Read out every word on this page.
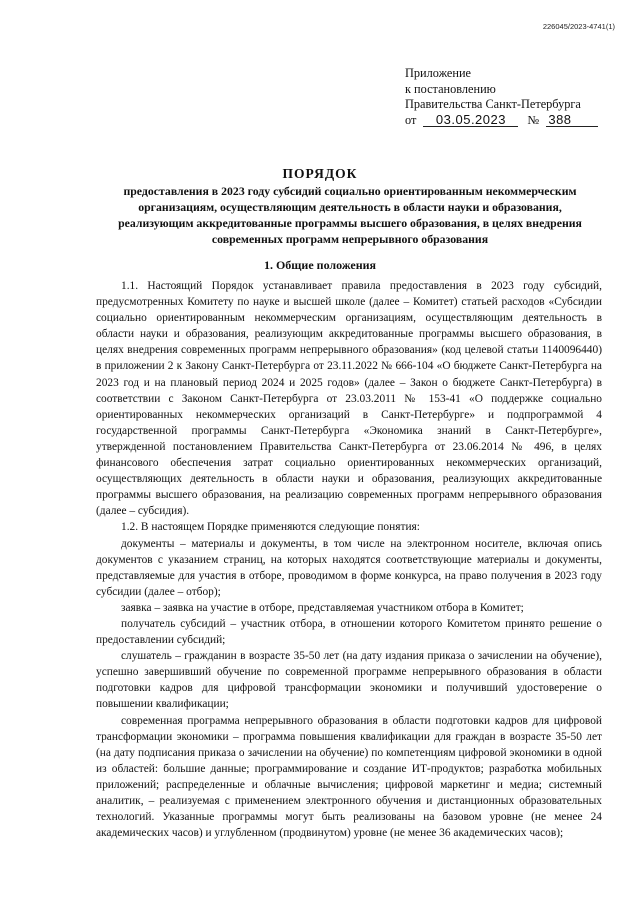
226045/2023-4741(1)
Приложение
к постановлению
Правительства Санкт-Петербурга
от 03.05.2023 № 388
ПОРЯДОК
предоставления в 2023 году субсидий социально ориентированным некоммерческим организациям, осуществляющим деятельность в области науки и образования, реализующим аккредитованные программы высшего образования, в целях внедрения современных программ непрерывного образования
1. Общие положения

1.1. Настоящий Порядок устанавливает правила предоставления в 2023 году субсидий, предусмотренных Комитету по науке и высшей школе (далее – Комитет) статьей расходов «Субсидии социально ориентированным некоммерческим организациям, осуществляющим деятельность в области науки и образования, реализующим аккредитованные программы высшего образования, в целях внедрения современных программ непрерывного образования» (код целевой статьи 1140096440) в приложении 2 к Закону Санкт-Петербурга от 23.11.2022 № 666-104 «О бюджете Санкт-Петербурга на 2023 год и на плановый период 2024 и 2025 годов» (далее – Закон о бюджете Санкт-Петербурга) в соответствии с Законом Санкт-Петербурга от 23.03.2011 № 153-41 «О поддержке социально ориентированных некоммерческих организаций в Санкт-Петербурге» и подпрограммой 4 государственной программы Санкт-Петербурга «Экономика знаний в Санкт-Петербурге», утвержденной постановлением Правительства Санкт-Петербурга от 23.06.2014 № 496, в целях финансового обеспечения затрат социально ориентированных некоммерческих организаций, осуществляющих деятельность в области науки и образования, реализующих аккредитованные программы высшего образования, на реализацию современных программ непрерывного образования (далее – субсидия).

1.2. В настоящем Порядке применяются следующие понятия:

документы – материалы и документы, в том числе на электронном носителе, включая опись документов с указанием страниц, на которых находятся соответствующие материалы и документы, представляемые для участия в отборе, проводимом в форме конкурса, на право получения в 2023 году субсидии (далее – отбор);

заявка – заявка на участие в отборе, представляемая участником отбора в Комитет;

получатель субсидий – участник отбора, в отношении которого Комитетом принято решение о предоставлении субсидий;

слушатель – гражданин в возрасте 35-50 лет (на дату издания приказа о зачислении на обучение), успешно завершивший обучение по современной программе непрерывного образования в области подготовки кадров для цифровой трансформации экономики и получивший удостоверение о повышении квалификации;

современная программа непрерывного образования в области подготовки кадров для цифровой трансформации экономики – программа повышения квалификации для граждан в возрасте 35-50 лет (на дату подписания приказа о зачислении на обучение) по компетенциям цифровой экономики в одной из областей: большие данные; программирование и создание ИТ-продуктов; разработка мобильных приложений; распределенные и облачные вычисления; цифровой маркетинг и медиа; системный аналитик, – реализуемая с применением электронного обучения и дистанционных образовательных технологий. Указанные программы могут быть реализованы на базовом уровне (не менее 24 академических часов) и углубленном (продвинутом) уровне (не менее 36 академических часов);
